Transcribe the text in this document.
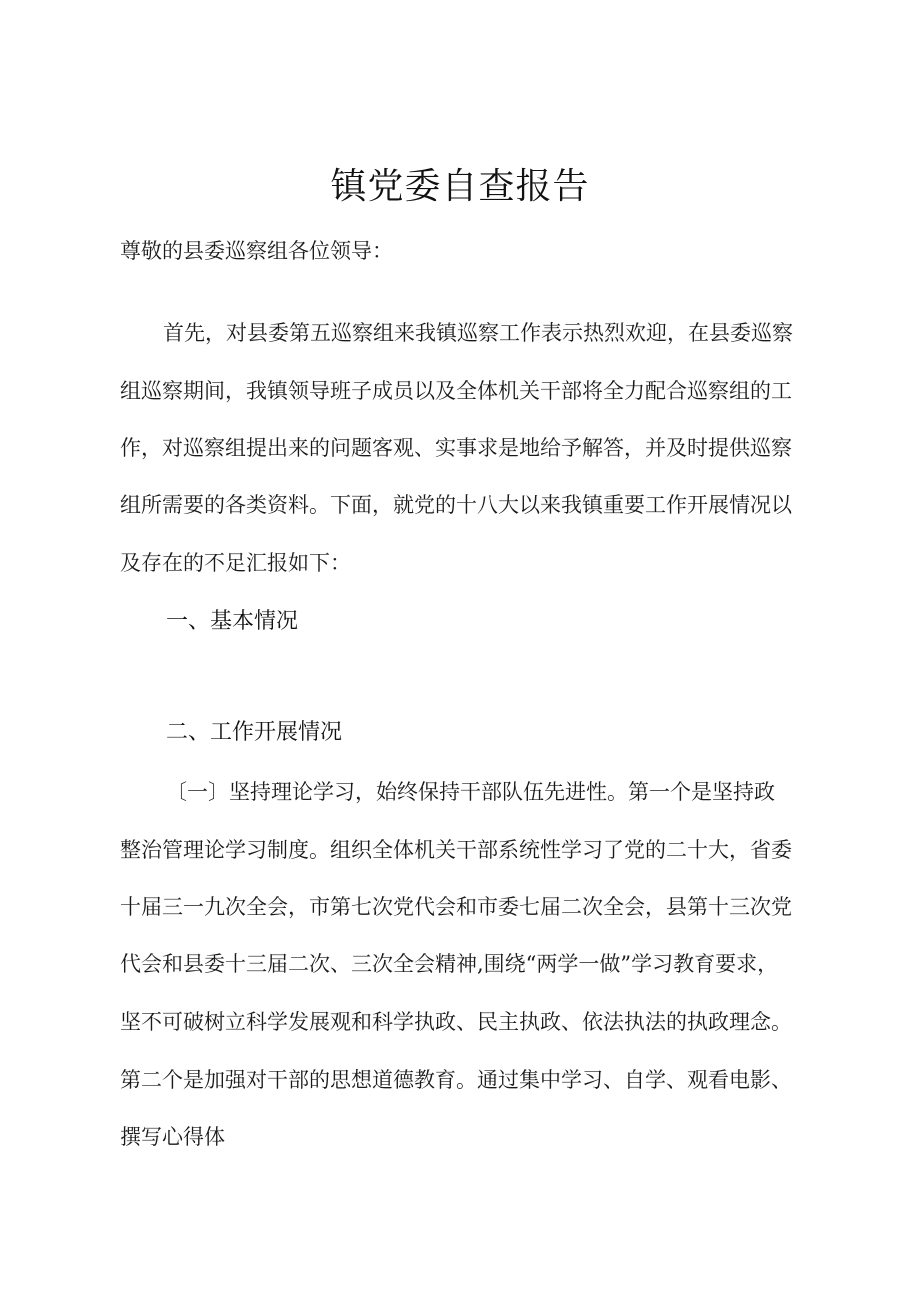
镇党委自查报告
尊敬的县委巡察组各位领导：
首先，对县委第五巡察组来我镇巡察工作表示热烈欢迎，在县委巡察
组巡察期间，我镇领导班子成员以及全体机关干部将全力配合巡察组的工
作，对巡察组提出来的问题客观、实事求是地给予解答，并及时提供巡察
组所需要的各类资料。下面，就党的十八大以来我镇重要工作开展情况以
及存在的不足汇报如下：
一、基本情况
二、工作开展情况
〔一〕坚持理论学习，始终保持干部队伍先进性。第一个是坚持政
整治管理论学习制度。组织全体机关干部系统性学习了党的二十大，省委
十届三一九次全会，市第七次党代会和市委七届二次全会，县第十三次党
代会和县委十三届二次、三次全会精神,围绕“两学一做”学习教育要求，
坚不可破树立科学发展观和科学执政、民主执政、依法执法的执政理念。
第二个是加强对干部的思想道德教育。通过集中学习、自学、观看电影、
撰写心得体
